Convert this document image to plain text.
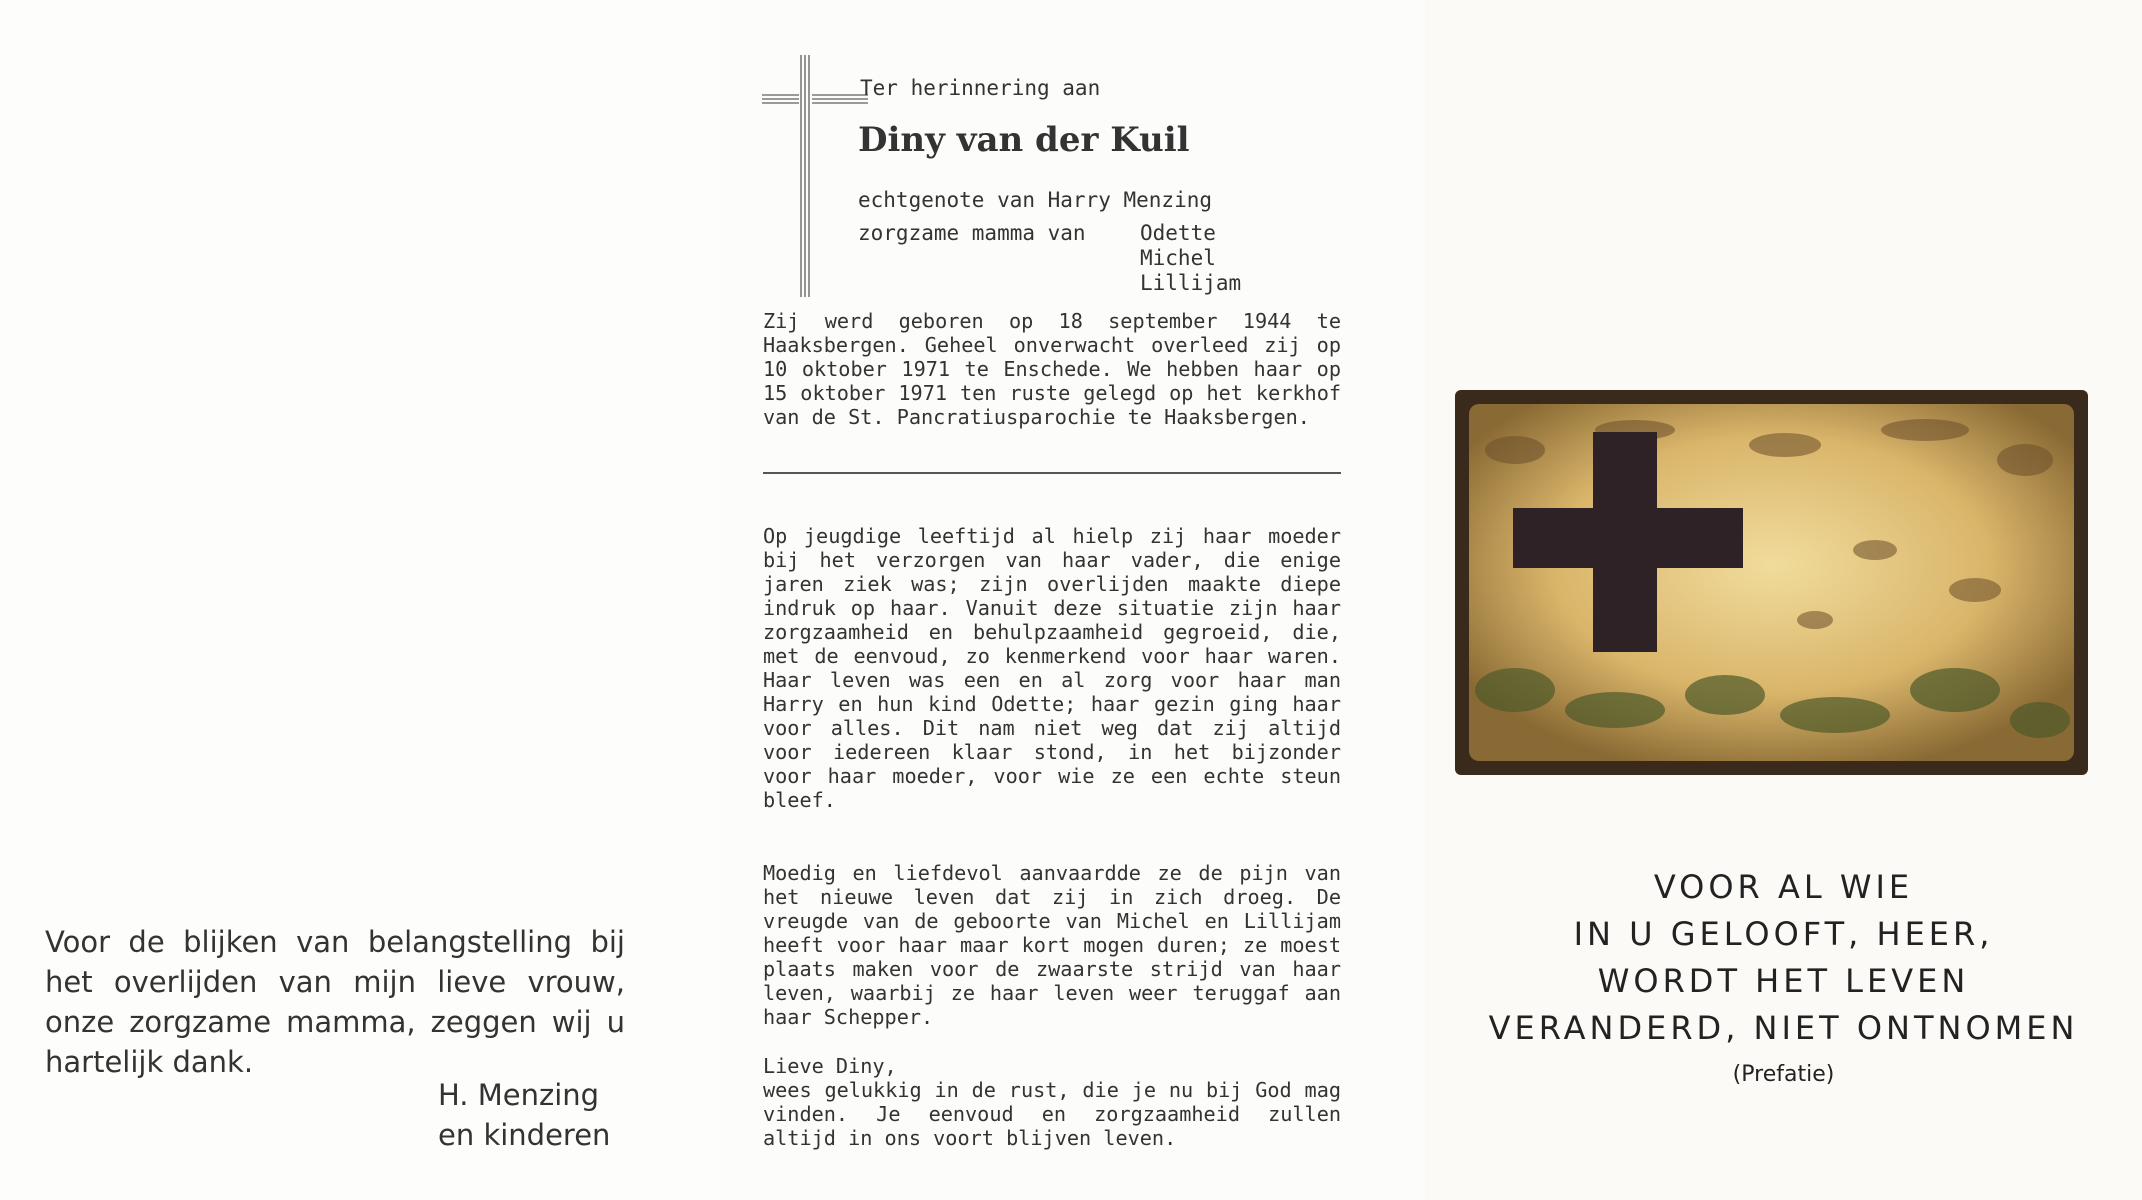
Voor de blijken van belangstelling bij het overlijden van mijn lieve vrouw, onze zorgzame mamma, zeggen wij u hartelijk dank.
H. Menzing
en kinderen
Ter herinnering aan
Diny van der Kuil
echtgenote van Harry Menzing
zorgzame mamma van	Odette
Michel
Lillijam
Zij werd geboren op 18 september 1944 te Haaksbergen. Geheel onverwacht overleed zij op 10 oktober 1971 te Enschede. We hebben haar op 15 oktober 1971 ten ruste gelegd op het kerkhof van de St. Pancratiusparochie te Haaksbergen.
Op jeugdige leeftijd al hielp zij haar moeder bij het verzorgen van haar vader, die enige jaren ziek was; zijn overlijden maakte diepe indruk op haar. Vanuit deze situatie zijn haar zorgzaamheid en behulpzaamheid gegroeid, die, met de eenvoud, zo kenmerkend voor haar waren. Haar leven was een en al zorg voor haar man Harry en hun kind Odette; haar gezin ging haar voor alles. Dit nam niet weg dat zij altijd voor iedereen klaar stond, in het bijzonder voor haar moeder, voor wie ze een echte steun bleef.
Moedig en liefdevol aanvaardde ze de pijn van het nieuwe leven dat zij in zich droeg. De vreugde van de geboorte van Michel en Lillijam heeft voor haar maar kort mogen duren; ze moest plaats maken voor de zwaarste strijd van haar leven, waarbij ze haar leven weer teruggaf aan haar Schepper.
Lieve Diny,
wees gelukkig in de rust, die je nu bij God mag vinden. Je eenvoud en zorgzaamheid zullen altijd in ons voort blijven leven.
VOOR AL WIE
IN U GELOOFT, HEER,
WORDT HET LEVEN
VERANDERD, NIET ONTNOMEN
(Prefatie)
